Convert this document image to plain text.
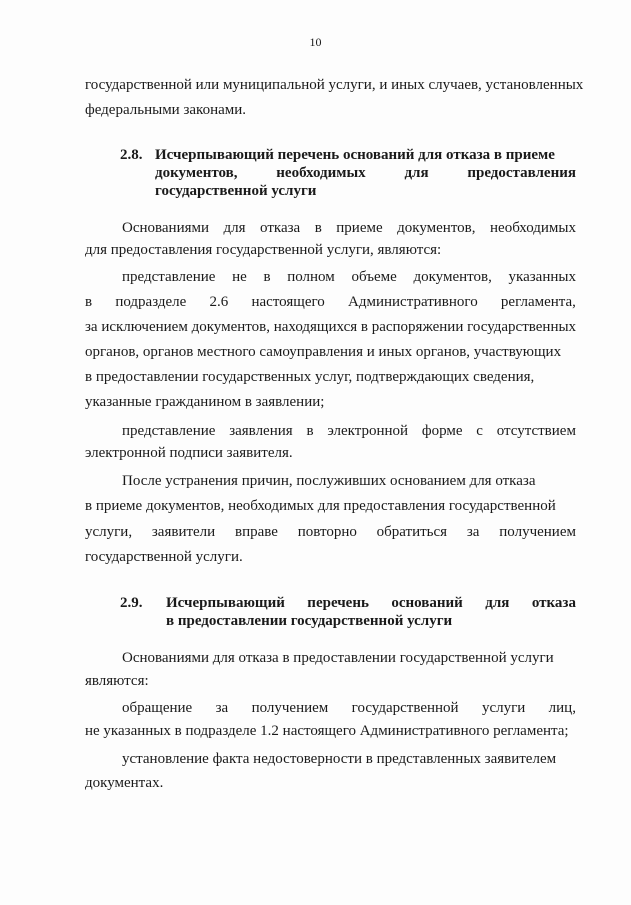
10
государственной или муниципальной услуги, и иных случаев, установленных
федеральными законами.
2.8. Исчерпывающий перечень оснований для отказа в приеме
документов,	необходимых	для	предоставления
государственной услуги
Основаниями для отказа в приеме документов, необходимых
для предоставления государственной услуги, являются:
представление не в полном объеме документов, указанных
в подразделе 2.6 настоящего Административного регламента,
за исключением документов, находящихся в распоряжении государственных
органов, органов местного самоуправления и иных органов, участвующих
в предоставлении государственных услуг, подтверждающих сведения,
указанные гражданином в заявлении;
представление заявления в электронной форме с отсутствием
электронной подписи заявителя.
После устранения причин, послуживших основанием для отказа
в приеме документов, необходимых для предоставления государственной
услуги, заявители вправе повторно обратиться за получением
государственной услуги.
2.9. Исчерпывающий перечень оснований для отказа
в предоставлении государственной услуги
Основаниями для отказа в предоставлении государственной услуги
являются:
обращение за получением государственной услуги лиц,
не указанных в подразделе 1.2 настоящего Административного регламента;
установление факта недостоверности в представленных заявителем
документах.
